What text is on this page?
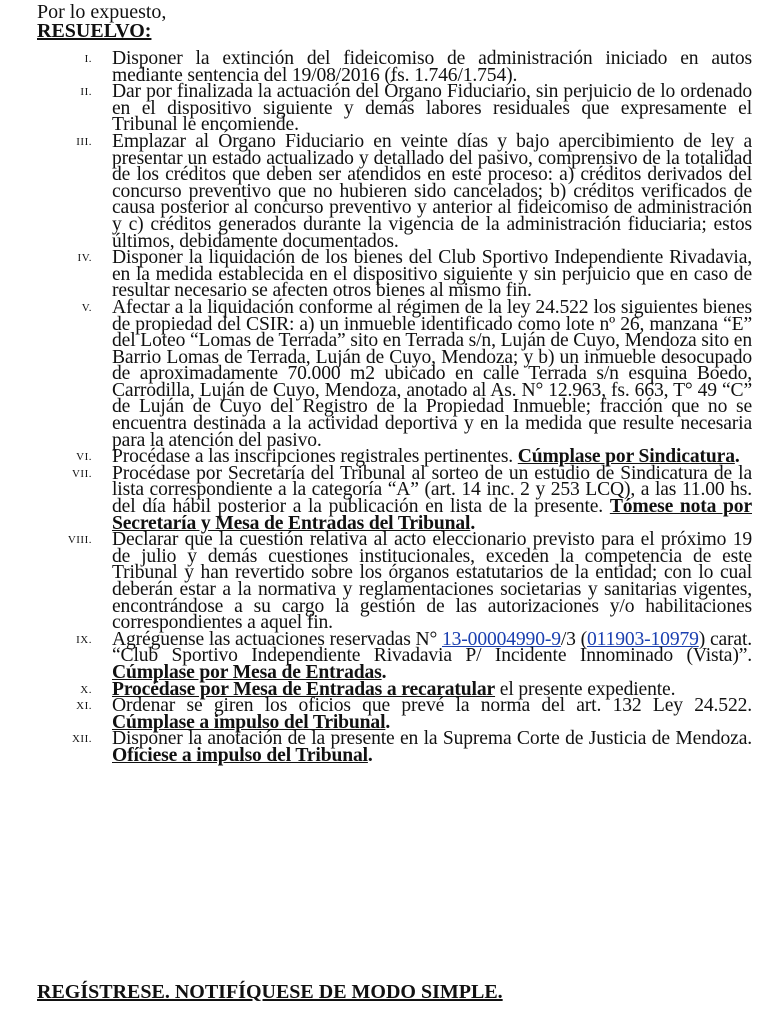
Por lo expuesto,
RESUELVO:
I. Disponer la extinción del fideicomiso de administración iniciado en autos mediante sentencia del 19/08/2016 (fs. 1.746/1.754).
II. Dar por finalizada la actuación del Órgano Fiduciario, sin perjuicio de lo ordenado en el dispositivo siguiente y demás labores residuales que expresamente el Tribunal le encomiende.
III. Emplazar al Órgano Fiduciario en veinte días y bajo apercibimiento de ley a presentar un estado actualizado y detallado del pasivo, comprensivo de la totalidad de los créditos que deben ser atendidos en este proceso: a) créditos derivados del concurso preventivo que no hubieren sido cancelados; b) créditos verificados de causa posterior al concurso preventivo y anterior al fideicomiso de administración y c) créditos generados durante la vigencia de la administración fiduciaria; estos últimos, debidamente documentados.
IV. Disponer la liquidación de los bienes del Club Sportivo Independiente Rivadavia, en la medida establecida en el dispositivo siguiente y sin perjuicio que en caso de resultar necesario se afecten otros bienes al mismo fin.
V. Afectar a la liquidación conforme al régimen de la ley 24.522 los siguientes bienes de propiedad del CSIR: a) un inmueble identificado como lote nº 26, manzana “E” del Loteo “Lomas de Terrada” sito en Terrada s/n, Luján de Cuyo, Mendoza sito en Barrio Lomas de Terrada, Luján de Cuyo, Mendoza; y b) un inmueble desocupado de aproximadamente 70.000 m2 ubicado en calle Terrada s/n esquina Boedo, Carrodilla, Luján de Cuyo, Mendoza, anotado al As. N° 12.963, fs. 663, T° 49 “C” de Luján de Cuyo del Registro de la Propiedad Inmueble; fracción que no se encuentra destinada a la actividad deportiva y en la medida que resulte necesaria para la atención del pasivo.
VI. Procédase a las inscripciones registrales pertinentes. Cúmplase por Sindicatura.
VII. Procédase por Secretaría del Tribunal al sorteo de un estudio de Sindicatura de la lista correspondiente a la categoría “A” (art. 14 inc. 2 y 253 LCQ), a las 11.00 hs. del día hábil posterior a la publicación en lista de la presente. Tómese nota por Secretaría y Mesa de Entradas del Tribunal.
VIII. Declarar que la cuestión relativa al acto eleccionario previsto para el próximo 19 de julio y demás cuestiones institucionales, exceden la competencia de este Tribunal y han revertido sobre los órganos estatutarios de la entidad; con lo cual deberán estar a la normativa y reglamentaciones societarias y sanitarias vigentes, encontrándose a su cargo la gestión de las autorizaciones y/o habilitaciones correspondientes a aquel fin.
IX. Agréguense las actuaciones reservadas N° 13-00004990-9/3 (011903-10979) carat. “Club Sportivo Independiente Rivadavia P/ Incidente Innominado (Vista)”. Cúmplase por Mesa de Entradas.
X. Procédase por Mesa de Entradas a recaratular el presente expediente.
XI. Ordenar se giren los oficios que prevé la norma del art. 132 Ley 24.522. Cúmplase a impulso del Tribunal.
XII. Disponer la anotación de la presente en la Suprema Corte de Justicia de Mendoza. Ofíciese a impulso del Tribunal.
REGÍSTRESE. NOTIFÍQUESE DE MODO SIMPLE.
